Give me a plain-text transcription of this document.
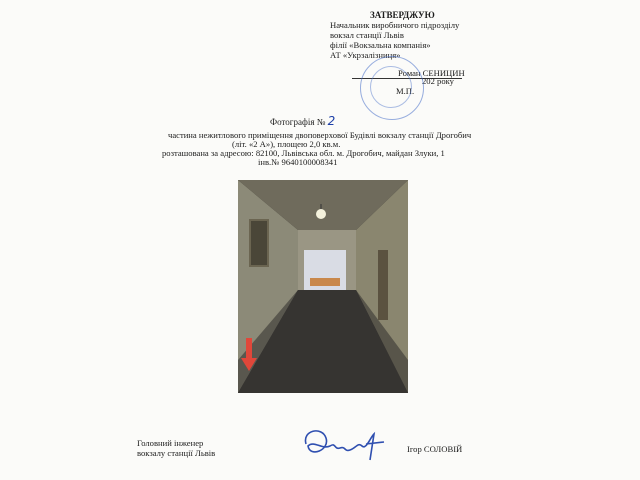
ЗАТВЕРДЖУЮ
Начальник виробничого підрозділу
вокзал станції Львів
філії «Вокзальна компанія»
АТ «Укрзалізниця»
Роман СЕНИЦИН
202 року
М.П.
Фотографія № 2
частина нежитлового приміщення двоповерхової Будівлі вокзалу станції Дрогобич
(літ. «2 А»), площею 2,0 кв.м.
розташована за адресою: 82100, Львівська обл. м. Дрогобич, майдан Злуки, 1
інв.№ 9640100008341
Головний інженер
вокзалу станції Львів	Ігор СОЛОВІЙ
